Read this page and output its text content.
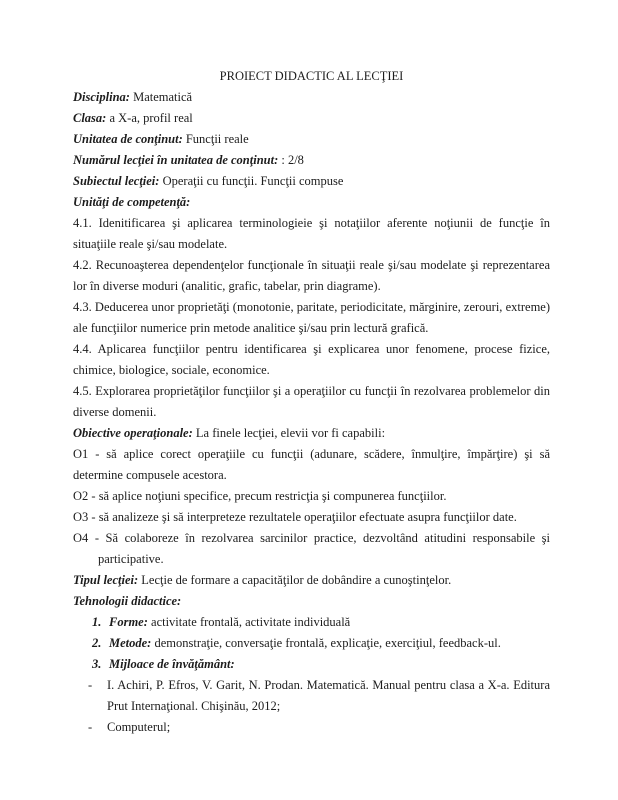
PROIECT DIDACTIC AL LECŢIEI

Disciplina: Matematică

Clasa: a X-a, profil real

Unitatea de conţinut: Funcţii reale

Numărul lecţiei în unitatea de conţinut: : 2/8

Subiectul lecţiei: Operaţii cu funcţii. Funcţii compuse

Unităţi de competenţă:

4.1. Idenitificarea şi aplicarea terminologieie şi notaţiilor aferente noţiunii de funcţie în situaţiile reale şi/sau modelate.

4.2. Recunoaşterea dependenţelor funcţionale în situaţii reale şi/sau modelate şi reprezentarea lor în diverse moduri (analitic, grafic, tabelar, prin diagrame).

4.3. Deducerea unor proprietăţi (monotonie, paritate, periodicitate, mărginire, zerouri, extreme) ale funcţiilor numerice prin metode analitice şi/sau prin lectură grafică.

4.4. Aplicarea funcţiilor pentru identificarea şi explicarea unor fenomene, procese fizice, chimice, biologice, sociale, economice.

4.5. Explorarea proprietăţilor funcţiilor şi a operaţiilor cu funcţii în rezolvarea problemelor din diverse domenii.

Obiective operaţionale: La finele lecţiei, elevii vor fi capabili:

O1 - să aplice corect operaţiile cu funcţii (adunare, scădere, înmulţire, împărţire) şi să determine compusele acestora.

O2 - să aplice noţiuni specifice, precum restricţia şi compunerea funcţiilor.

O3 - să analizeze şi să interpreteze rezultatele operaţiilor efectuate asupra funcţiilor date.

O4 - Să colaboreze în rezolvarea sarcinilor practice, dezvoltând atitudini responsabile şi participative.

Tipul lecţiei: Lecţie de formare a capacităţilor de dobândire a cunoştinţelor.

Tehnologii didactice:

1. Forme: activitate frontală, activitate individuală
2. Metode: demonstraţie, conversaţie frontală, explicaţie, exerciţiul, feedback-ul.
3. Mijloace de învăţământ:
-	I. Achiri, P. Efros, V. Garit, N. Prodan. Matematică. Manual pentru clasa a X-a. Editura Prut Internaţional. Chişinău, 2012;
-	Computerul;
